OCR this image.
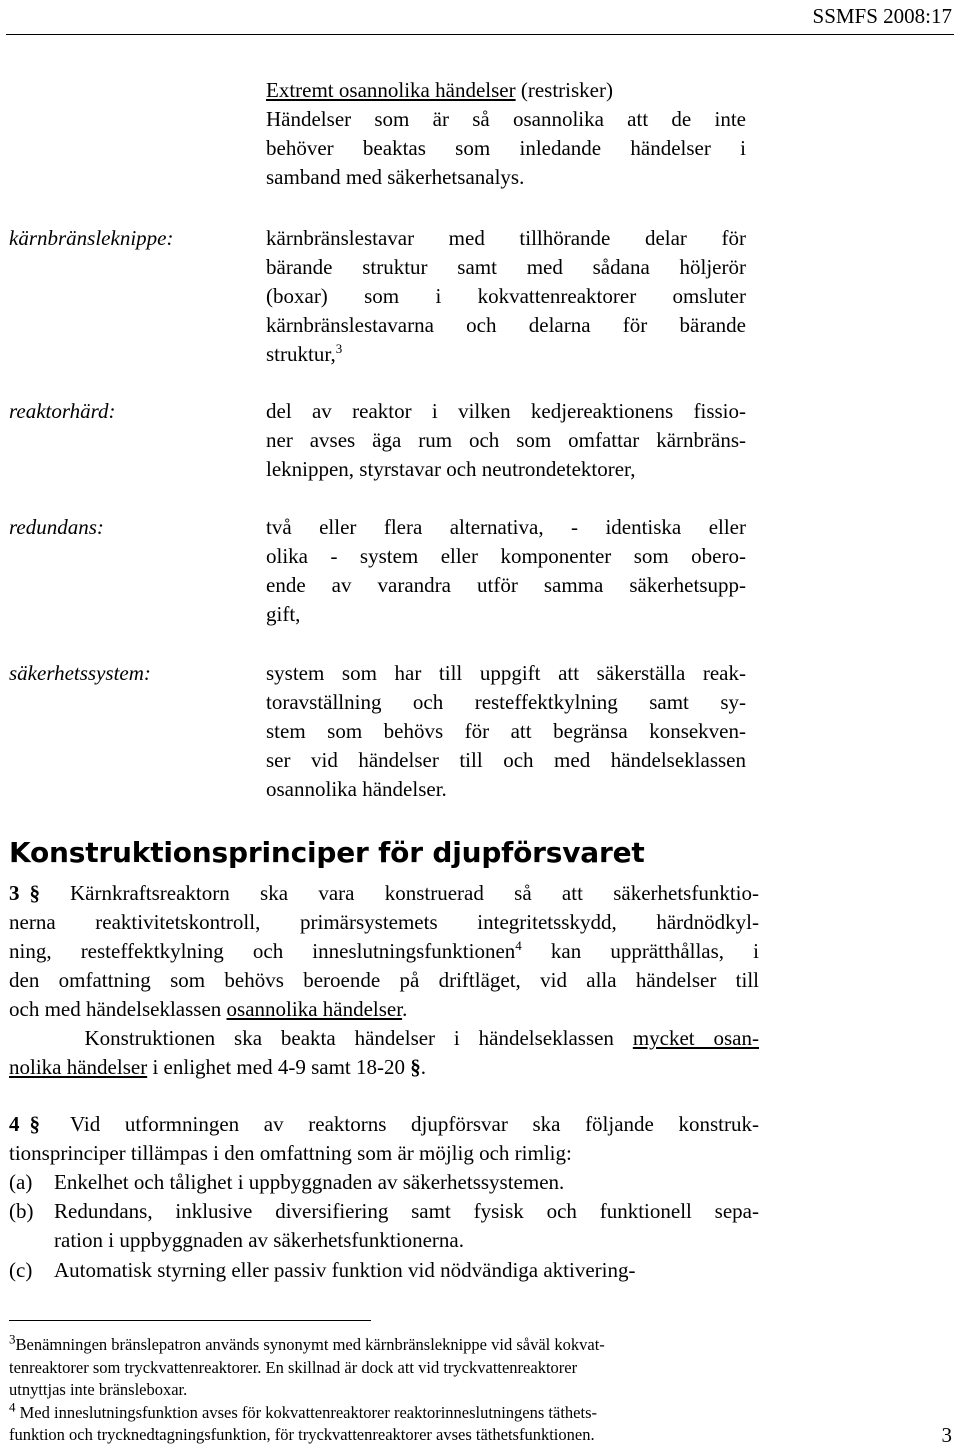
SSMFS 2008:17
Extremt osannolika händelser (restrisker)
Händelser som är så osannolika att de inte
behöver beaktas som inledande händelser i
samband med säkerhetsanalys.
kärnbränsleknippe:	kärnbränslestavar med tillhörande delar för
bärande struktur samt med sådana höljerör
(boxar) som i kokvattenreaktorer omsluter
kärnbränslestavarna och delarna för bärande
struktur,$^3$
reaktorhärd:	del av reaktor i vilken kedjereaktionens fissio-
ner avses äga rum och som omfattar kärnbräns-
leknippen, styrstavar och neutrondetektorer,
redundans:	två eller flera alternativa, - identiska eller
olika - system eller komponenter som obero-
ende av varandra utför samma säkerhetsupp-
gift,
säkerhetssystem:	system som har till uppgift att säkerställa reak-
toravställning och resteffektkylning samt sy-
stem som behövs för att begränsa konsekven-
ser vid händelser till och med händelseklassen
osannolika händelser.
Konstruktionsprinciper för djupförsvaret
3 § Kärnkraftsreaktorn ska vara konstruerad så att säkerhetsfunktio-
nerna reaktivitetskontroll, primärsystemets integritetsskydd, härdnödkyl-
ning, resteffektkylning och inneslutningsfunktionen$^4$ kan upprätthållas, i
den omfattning som behövs beroende på driftläget, vid alla händelser till
och med händelseklassen osannolika händelser.
Konstruktionen ska beakta händelser i händelseklassen mycket osan-
nolika händelser i enlighet med 4-9 samt 18-20 §.
4 § Vid utformningen av reaktorns djupförsvar ska följande konstruk-
tionsprinciper tillämpas i den omfattning som är möjlig och rimlig:
(a) Enkelhet och tålighet i uppbyggnaden av säkerhetssystemen.
(b) Redundans, inklusive diversifiering samt fysisk och funktionell sepa-
ration i uppbyggnaden av säkerhetsfunktionerna.
(c) Automatisk styrning eller passiv funktion vid nödvändiga aktivering-
$^3$Benämningen bränslepatron används synonymt med kärnbränsleknippe vid såväl kokvat-
tenreaktorer som tryckvattenreaktorer. En skillnad är dock att vid tryckvattenreaktorer
utnyttjas inte bränsleboxar.
$^4$ Med inneslutningsfunktion avses för kokvattenreaktorer reaktorinneslutningens täthets-
funktion och trycknedtagningsfunktion, för tryckvattenreaktorer avses täthetsfunktionen.	3
